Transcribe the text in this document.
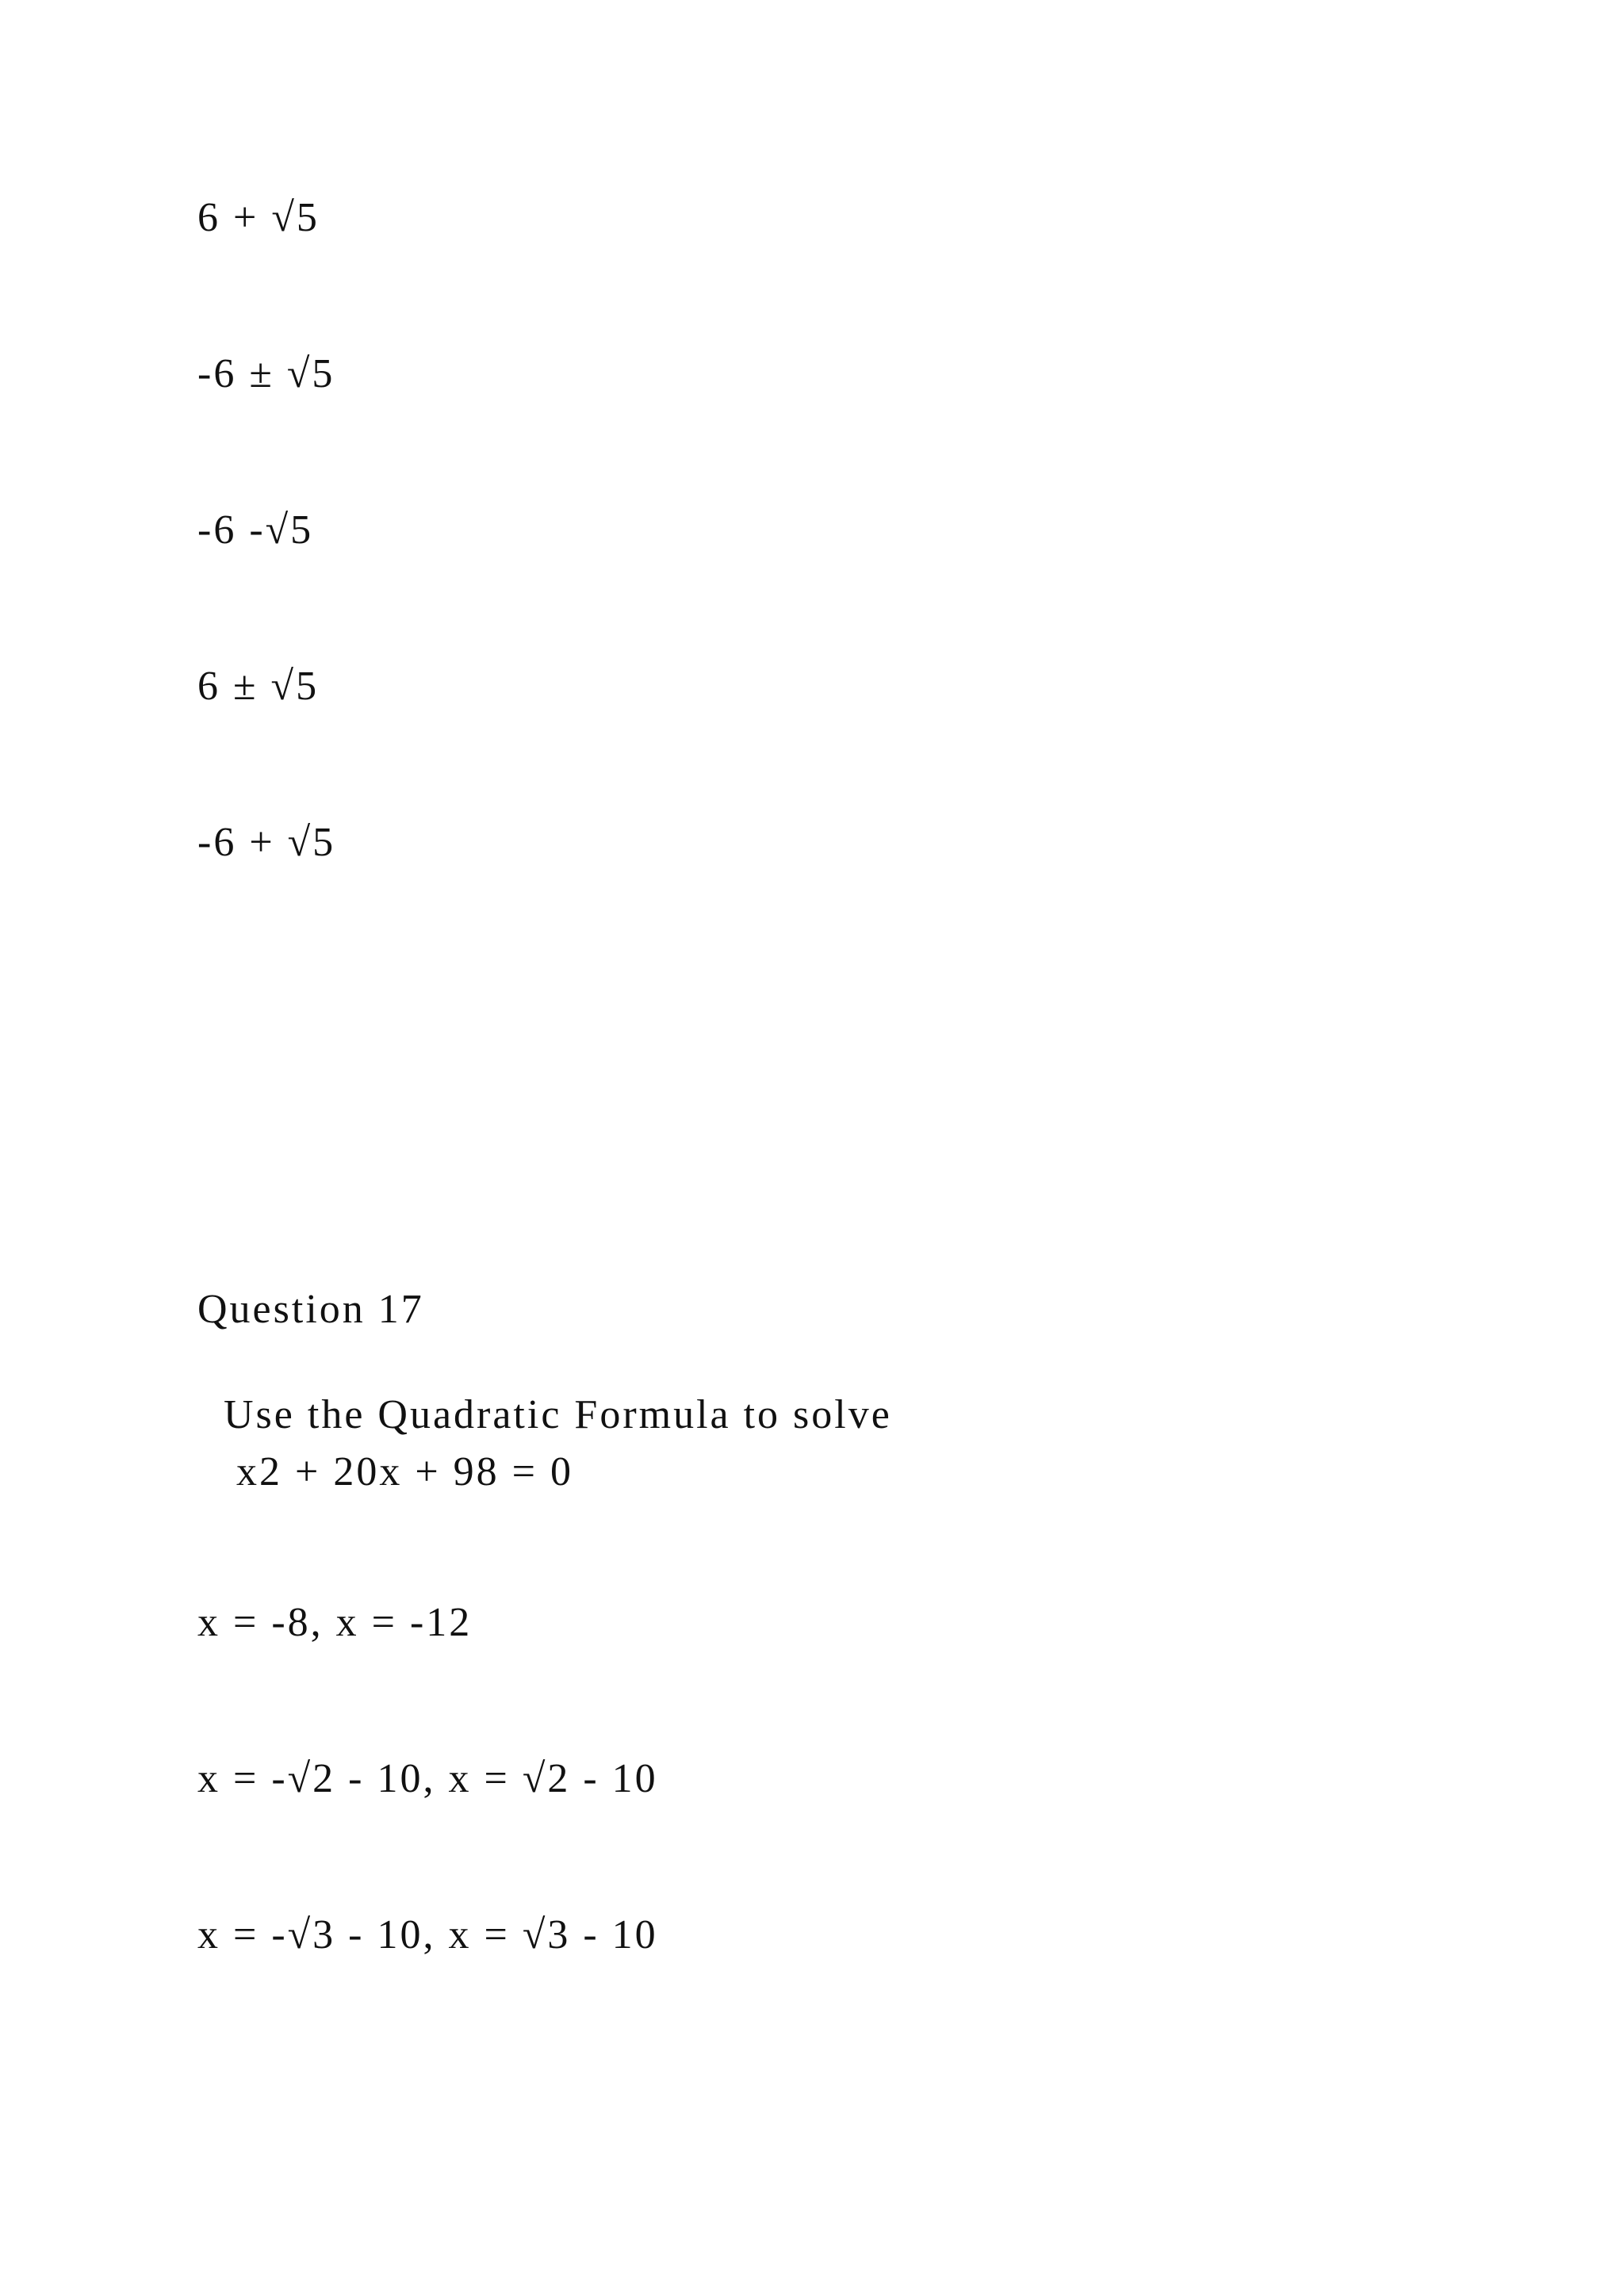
6 + √5
-6 ± √5
-6 -√5
6 ± √5
-6 + √5
Question 17
Use the Quadratic Formula to solve
x2 + 20x + 98 = 0
x = -8, x = -12
x = -√2 - 10, x = √2 - 10
x = -√3 - 10, x = √3 - 10
